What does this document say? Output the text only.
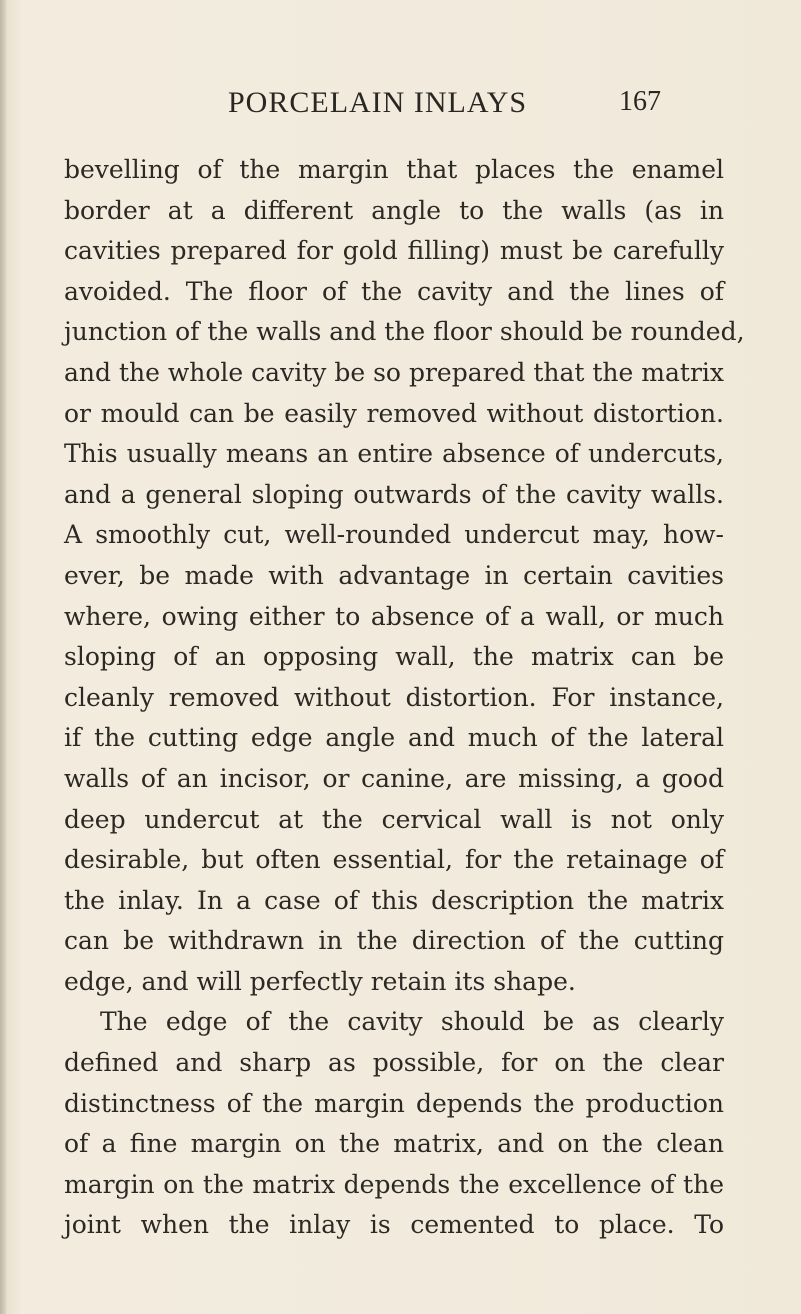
PORCELAIN INLAYS	167
bevelling of the margin that places the enamel
border at a different angle to the walls (as in
cavities prepared for gold filling) must be carefully
avoided. The floor of the cavity and the lines of
junction of the walls and the floor should be rounded,
and the whole cavity be so prepared that the matrix
or mould can be easily removed without distortion.
This usually means an entire absence of undercuts,
and a general sloping outwards of the cavity walls.
A smoothly cut, well-rounded undercut may, how-
ever, be made with advantage in certain cavities
where, owing either to absence of a wall, or much
sloping of an opposing wall, the matrix can be
cleanly removed without distortion. For instance,
if the cutting edge angle and much of the lateral
walls of an incisor, or canine, are missing, a good
deep undercut at the cervical wall is not only
desirable, but often essential, for the retainage of
the inlay. In a case of this description the matrix
can be withdrawn in the direction of the cutting
edge, and will perfectly retain its shape.
The edge of the cavity should be as clearly
defined and sharp as possible, for on the clear
distinctness of the margin depends the production
of a fine margin on the matrix, and on the clean
margin on the matrix depends the excellence of the
joint when the inlay is cemented to place. To
